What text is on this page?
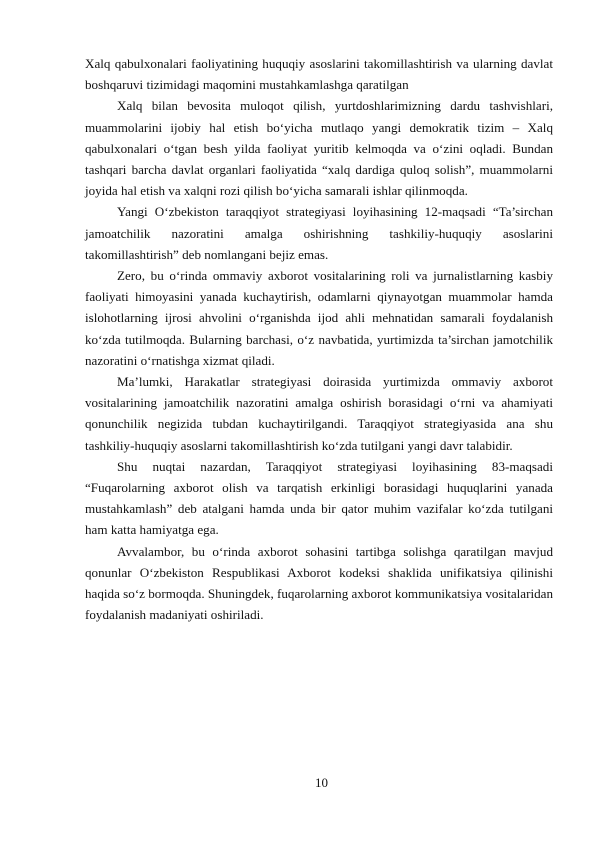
Xalq qabulxonalari faoliyatining huquqiy asoslarini takomillashtirish va ularning davlat boshqaruvi tizimidagi maqomini mustahkamlashga qaratilgan

Xalq bilan bevosita muloqot qilish, yurtdoshlarimizning dardu tashvishlari, muammolarini ijobiy hal etish bo‘yicha mutlaqo yangi demokratik tizim – Xalq qabulxonalari o‘tgan besh yilda faoliyat yuritib kelmoqda va o‘zini oqladi. Bundan tashqari barcha davlat organlari faoliyatida “xalq dardiga quloq solish”, muammolarni joyida hal etish va xalqni rozi qilish bo‘yicha samarali ishlar qilinmoqda.

Yangi O‘zbekiston taraqqiyot strategiyasi loyihasining 12-maqsadi “Ta’sirchan jamoatchilik nazoratini amalga oshirishning tashkiliy-huquqiy asoslarini takomillashtirish” deb nomlangani bejiz emas.

Zero, bu o‘rinda ommaviy axborot vositalarining roli va jurnalistlarning kasbiy faoliyati himoyasini yanada kuchaytirish, odamlarni qiynayotgan muammolar hamda islohotlarning ijrosi ahvolini o‘rganishda ijod ahli mehnatidan samarali foydalanish ko‘zda tutilmoqda. Bularning barchasi, o‘z navbatida, yurtimizda ta’sirchan jamotchilik nazoratini o‘rnatishga xizmat qiladi.

Ma’lumki, Harakatlar strategiyasi doirasida yurtimizda ommaviy axborot vositalarining jamoatchilik nazoratini amalga oshirish borasidagi o‘rni va ahamiyati qonunchilik negizida tubdan kuchaytirilgandi. Taraqqiyot strategiyasida ana shu tashkiliy-huquqiy asoslarni takomillashtirish ko‘zda tutilgani yangi davr talabidir.

Shu nuqtai nazardan, Taraqqiyot strategiyasi loyihasining 83-maqsadi “Fuqarolarning axborot olish va tarqatish erkinligi borasidagi huquqlarini yanada mustahkamlash” deb atalgani hamda unda bir qator muhim vazifalar ko‘zda tutilgani ham katta hamiyatga ega.

Avvalambor, bu o‘rinda axborot sohasini tartibga solishga qaratilgan mavjud qonunlar O‘zbekiston Respublikasi Axborot kodeksi shaklida unifikatsiya qilinishi haqida so‘z bormoqda. Shuningdek, fuqarolarning axborot kommunikatsiya vositalaridan foydalanish madaniyati oshiriladi.

10
